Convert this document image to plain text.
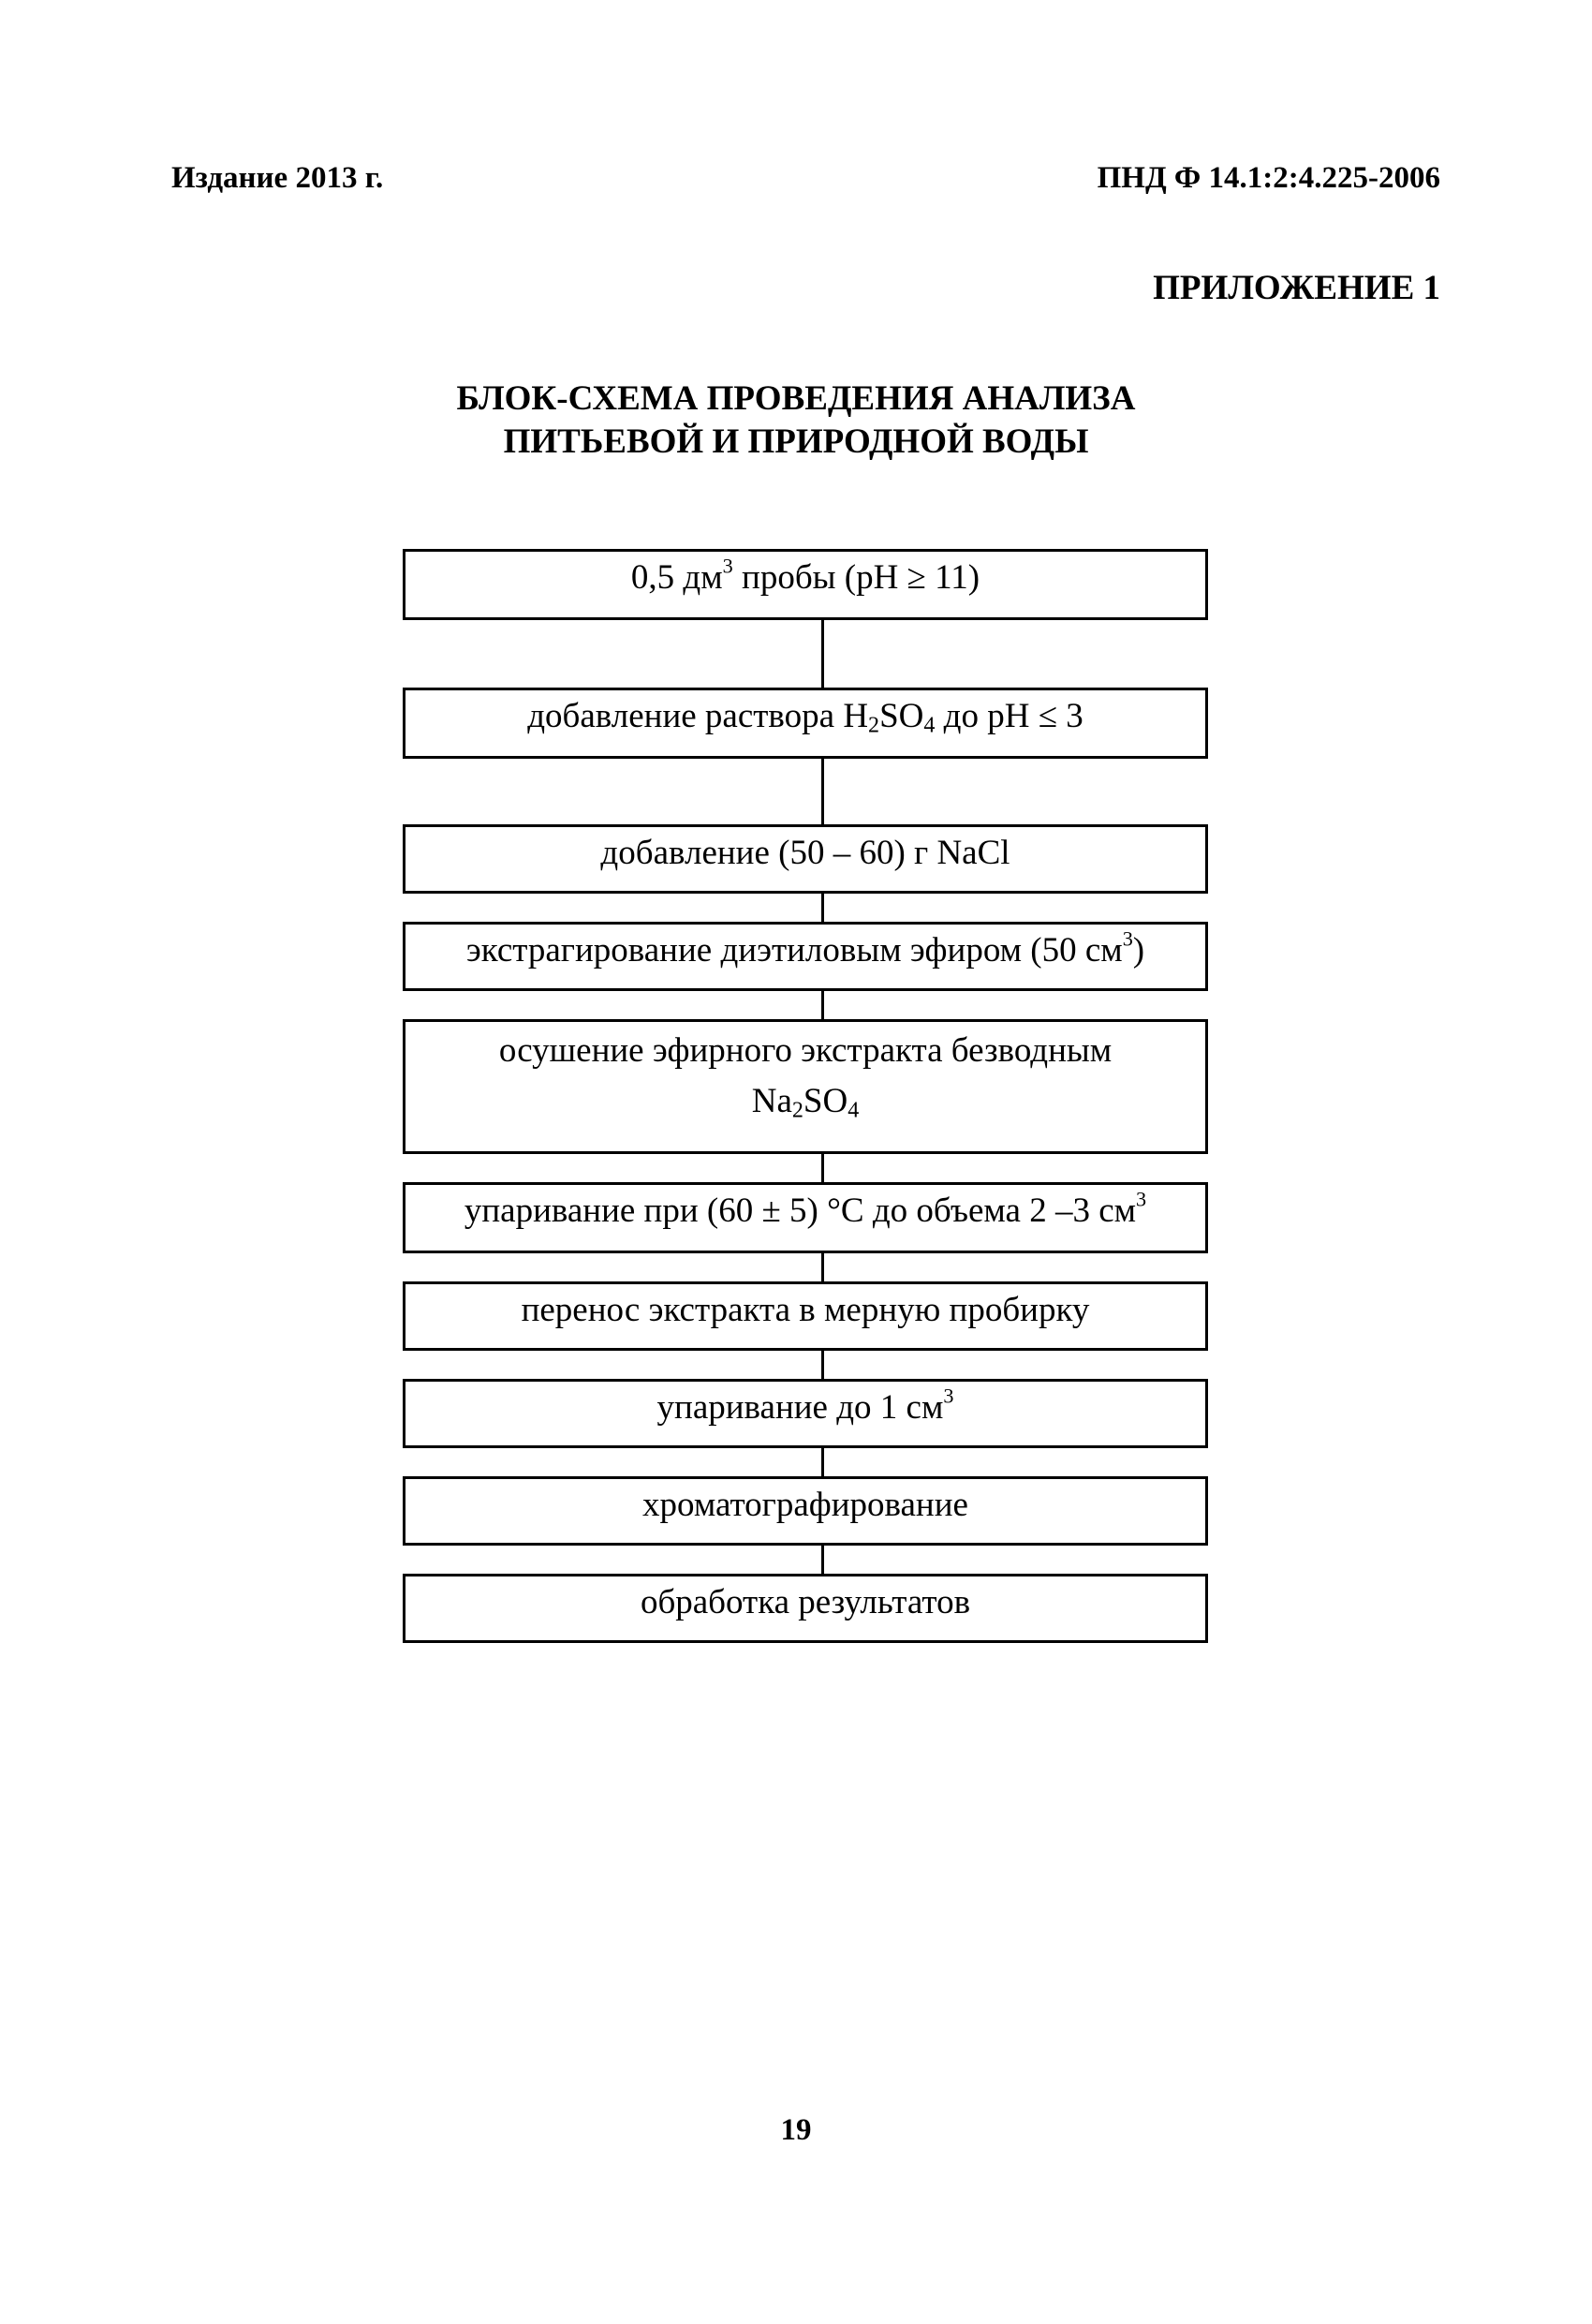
Издание 2013 г.	ПНД Ф 14.1:2:4.225-2006
ПРИЛОЖЕНИЕ 1
БЛОК-СХЕМА ПРОВЕДЕНИЯ АНАЛИЗА
ПИТЬЕВОЙ И ПРИРОДНОЙ ВОДЫ
0,5 $дм^3$ пробы (pH ≥ 11)
добавление раствора $H_2SO_4$ до pH ≤ 3
добавление (50 – 60) г NaCl
экстрагирование диэтиловым эфиром (50 $см^3$)
осушение эфирного экстракта безводным
$Na_2SO_4$
упаривание при (60 ± 5) °С до объема 2 –3 $см^3$
перенос экстракта в мерную пробирку
упаривание до 1 $см^3$
хроматографирование
обработка результатов
19
